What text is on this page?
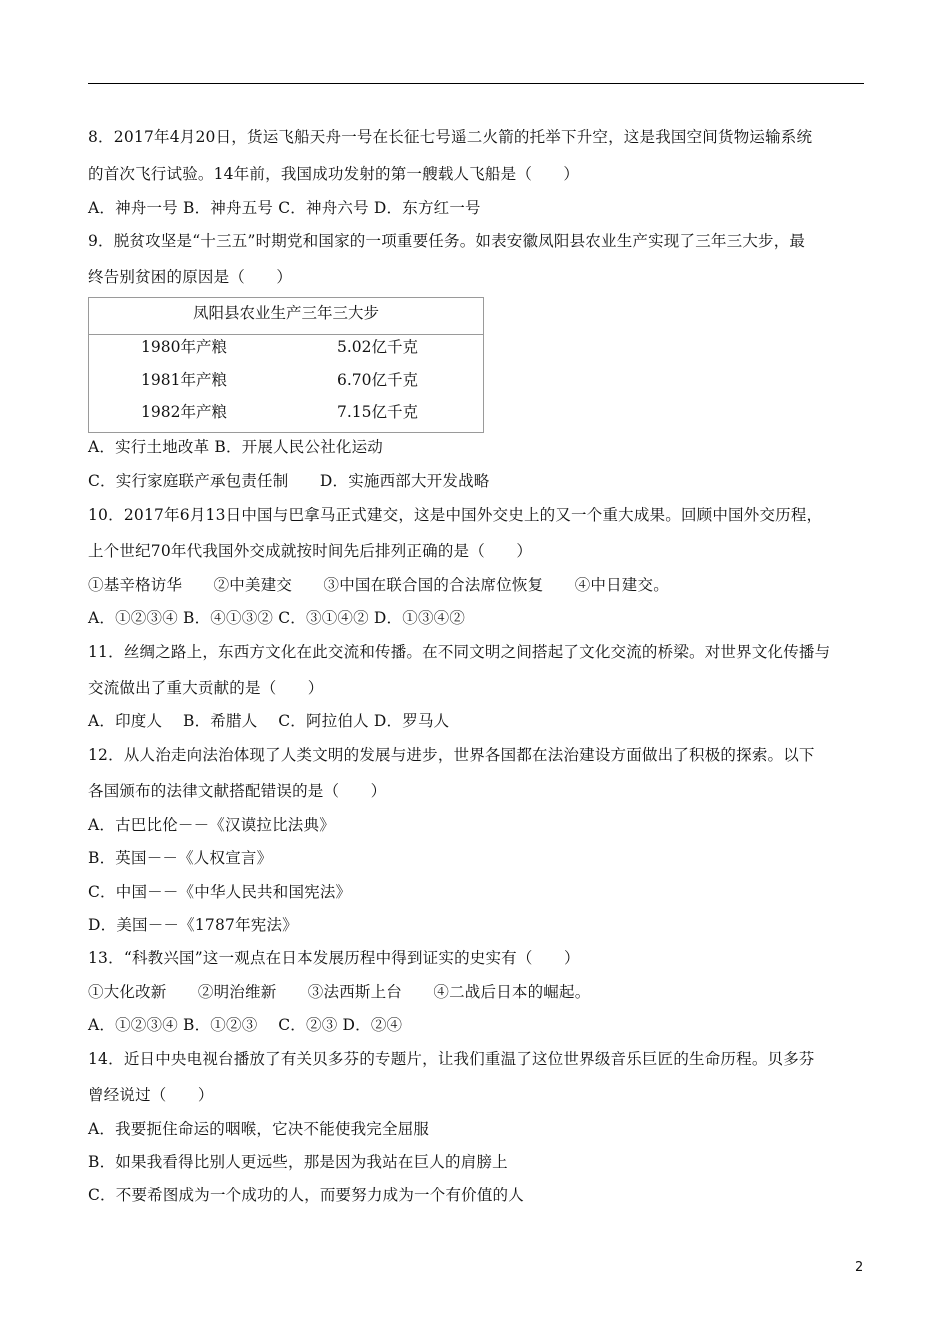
8．2017年4月20日，货运飞船天舟一号在长征七号遥二火箭的托举下升空，这是我国空间货物运输系统
的首次飞行试验。14年前，我国成功发射的第一艘载人飞船是（　　）
A．神舟一号 B．神舟五号 C．神舟六号 D．东方红一号
9．脱贫攻坚是“十三五”时期党和国家的一项重要任务。如表安徽凤阳县农业生产实现了三年三大步，最
终告别贫困的原因是（　　）
凤阳县农业生产三年三大步
1980年产粮	5.02亿千克
1981年产粮	6.70亿千克
1982年产粮	7.15亿千克
A．实行土地改革 B．开展人民公社化运动
C．实行家庭联产承包责任制　　D．实施西部大开发战略
10．2017年6月13日中国与巴拿马正式建交，这是中国外交史上的又一个重大成果。回顾中国外交历程，
上个世纪70年代我国外交成就按时间先后排列正确的是（　　）
①基辛格访华　　②中美建交　　③中国在联合国的合法席位恢复　　④中日建交。
A．①②③④ B．④①③② C．③①④② D．①③④②
11．丝绸之路上，东西方文化在此交流和传播。在不同文明之间搭起了文化交流的桥梁。对世界文化传播与
交流做出了重大贡献的是（　　）
A．印度人　 B．希腊人　 C．阿拉伯人 D．罗马人
12．从人治走向法治体现了人类文明的发展与进步，世界各国都在法治建设方面做出了积极的探索。以下
各国颁布的法律文献搭配错误的是（　　）
A．古巴比伦－－《汉谟拉比法典》
B．英国－－《人权宣言》
C．中国－－《中华人民共和国宪法》
D．美国－－《1787年宪法》
13．“科教兴国”这一观点在日本发展历程中得到证实的史实有（　　）
①大化改新　　②明治维新　　③法西斯上台　　④二战后日本的崛起。
A．①②③④ B．①②③　 C．②③ D．②④
14．近日中央电视台播放了有关贝多芬的专题片，让我们重温了这位世界级音乐巨匠的生命历程。贝多芬
曾经说过（　　）
A．我要扼住命运的咽喉，它决不能使我完全屈服
B．如果我看得比别人更远些，那是因为我站在巨人的肩膀上
C．不要希图成为一个成功的人，而要努力成为一个有价值的人
2
